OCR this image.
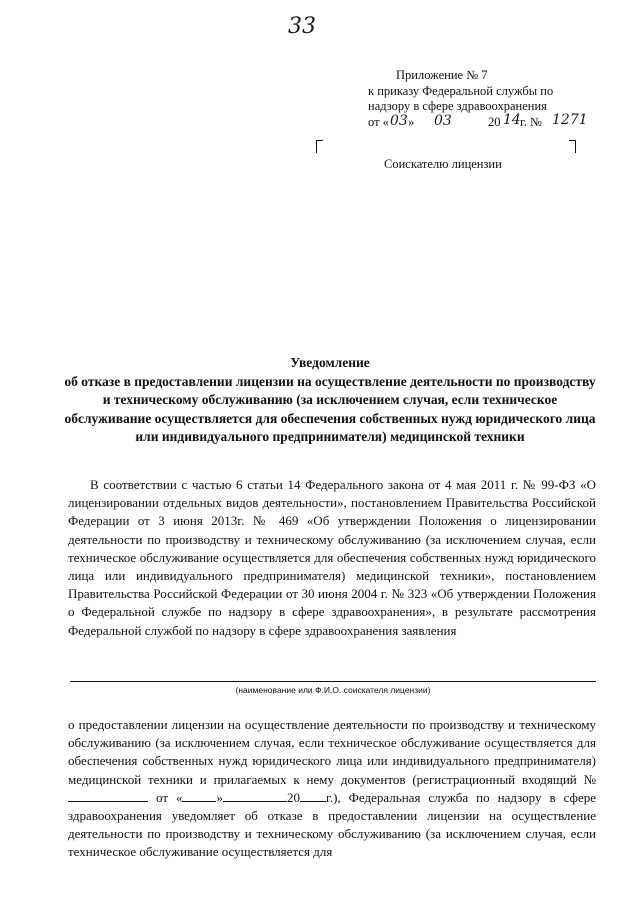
33
Приложение № 7
к приказу Федеральной службы по
надзору в сфере здравоохранения
от « 03 » 03	20 14 г. № 1271
Соискателю лицензии
Уведомление
об отказе в предоставлении лицензии на осуществление деятельности по производству и техническому обслуживанию (за исключением случая, если техническое обслуживание осуществляется для обеспечения собственных нужд юридического лица или индивидуального предпринимателя) медицинской техники
В соответствии с частью 6 статьи 14 Федерального закона от 4 мая 2011 г. № 99-ФЗ «О лицензировании отдельных видов деятельности», постановлением Правительства Российской Федерации от 3 июня 2013г. № 469 «Об утверждении Положения о лицензировании деятельности по производству и техническому обслуживанию (за исключением случая, если техническое обслуживание осуществляется для обеспечения собственных нужд юридического лица или индивидуального предпринимателя) медицинской техники», постановлением Правительства Российской Федерации от 30 июня 2004 г. № 323 «Об утверждении Положения о Федеральной службе по надзору в сфере здравоохранения», в результате рассмотрения Федеральной службой по надзору в сфере здравоохранения заявления
(наименование или Ф.И.О. соискателя лицензии)
о предоставлении лицензии на осуществление деятельности по производству и техническому обслуживанию (за исключением случая, если техническое обслуживание осуществляется для обеспечения собственных нужд юридического лица или индивидуального предпринимателя) медицинской техники и прилагаемых к нему документов (регистрационный входящий № от «	»	20 г.), Федеральная служба по надзору в сфере здравоохранения уведомляет об отказе в предоставлении лицензии на осуществление деятельности по производству и техническому обслуживанию (за исключением случая, если техническое обслуживание осуществляется для
